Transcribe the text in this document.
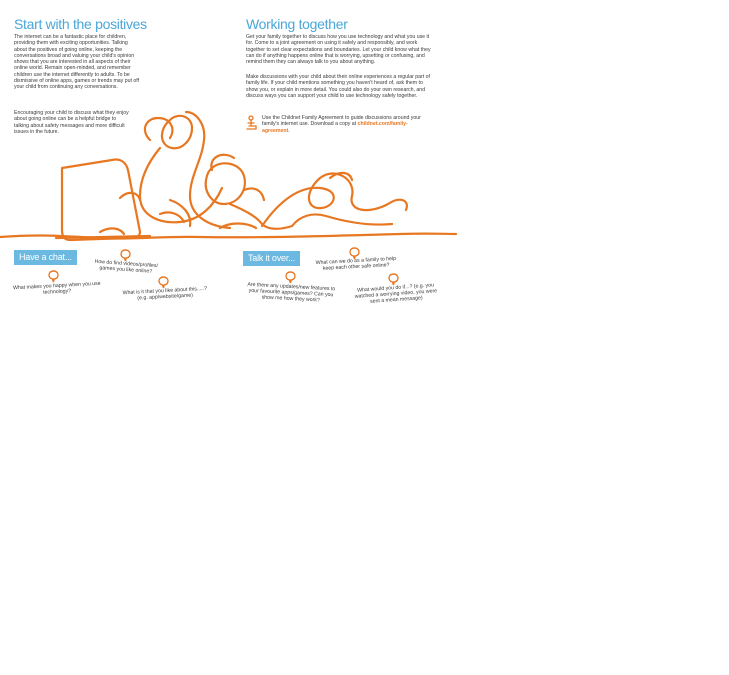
Start with the positives

The internet can be a fantastic place for children, providing them with exciting opportunities. Talking about the positives of going online, keeping the conversations broad and valuing your child's opinion shows that you are interested in all aspects of their online world. Remain open-minded, and remember children use the internet differently to adults. To be dismissive of online apps, games or trends may put off your child from continuing any conversations.

Encouraging your child to discuss what they enjoy about going online can be a helpful bridge to talking about safety messages and more difficult issues in the future.

Working together

Get your family together to discuss how you use technology and what you use it for. Come to a joint agreement on using it safely and responsibly, and work together to set clear expectations and boundaries. Let your child know what they can do if anything happens online that is worrying, upsetting or confusing, and remind them they can always talk to you about anything.

Make discussions with your child about their online experiences a regular part of family life. If your child mentions something you haven't heard of, ask them to show you, or explain in more detail. You could also do your own research, and discuss ways you can support your child to use technology safely together.

Use the Childnet Family Agreement to guide discussions around your family's internet use. Download a copy at childnet.com/family-agreement.

Have a chat...
What makes you happy when you use technology?
How do find videos/profiles/ games you like online?
What is it that you like about this.....? (e.g. app/website/game)
Talk it over...
Are there any updates/new features to your favourite apps/games? Can you show me how they work?
What can we do as a family to help keep each other safe online?
What would you do if...? (e.g. you watched a worrying video, you were sent a mean message)
